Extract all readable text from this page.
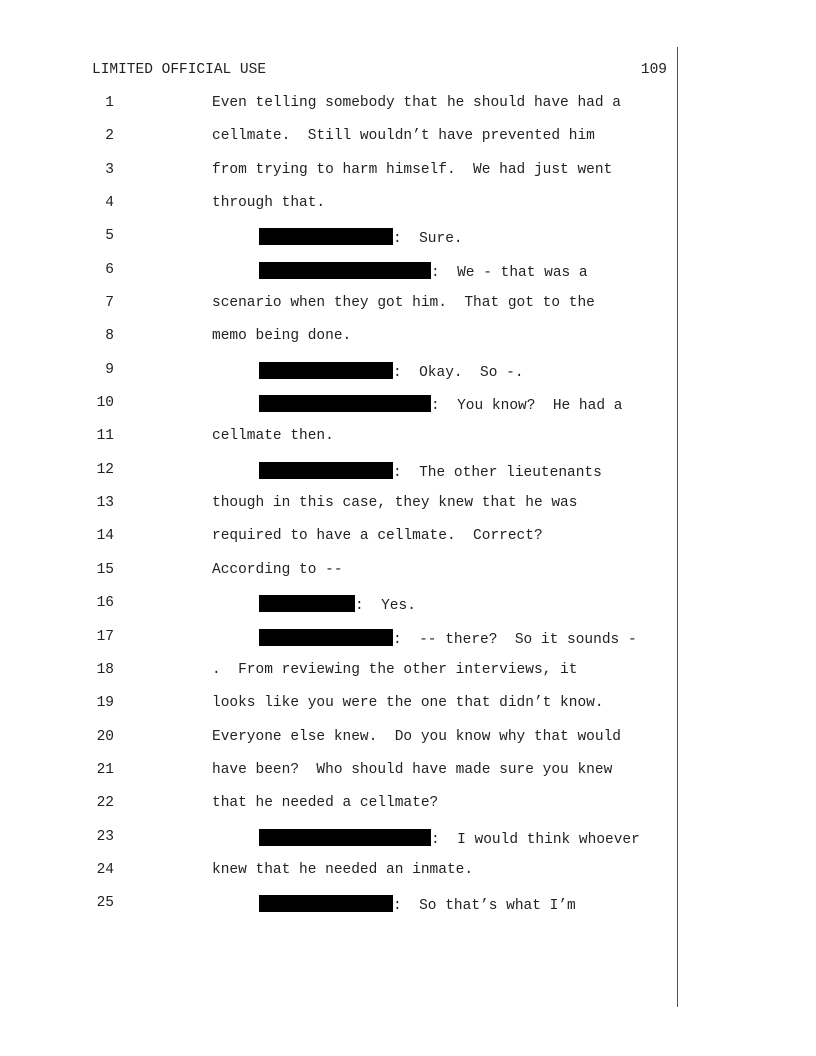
LIMITED OFFICIAL USE	109
1	Even telling somebody that he should have had a
2	cellmate.  Still wouldn’t have prevented him
3	from trying to harm himself.  We had just went
4	through that.
5	:  Sure.
6	:  We - that was a
7	scenario when they got him.  That got to the
8	memo being done.
9	:  Okay.  So -.
10	:  You know?  He had a
11	cellmate then.
12	:  The other lieutenants
13	though in this case, they knew that he was
14	required to have a cellmate.  Correct?
15	According to --
16	:  Yes.
17	:  -- there?  So it sounds -
18	.  From reviewing the other interviews, it
19	looks like you were the one that didn’t know.
20	Everyone else knew.  Do you know why that would
21	have been?  Who should have made sure you knew
22	that he needed a cellmate?
23	:  I would think whoever
24	knew that he needed an inmate.
25	:  So that’s what I’m
